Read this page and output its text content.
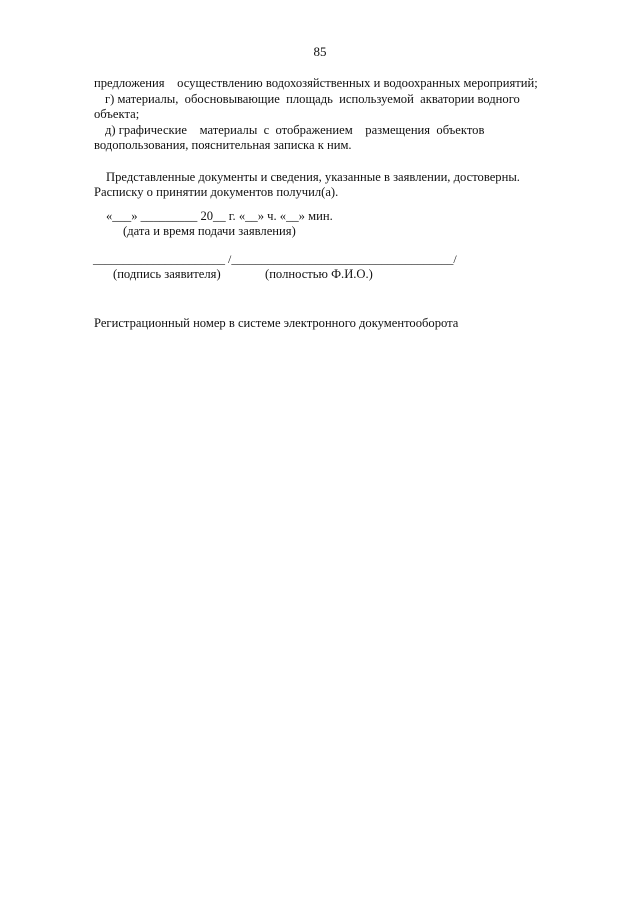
85
предложения    осуществлению водохозяйственных и водоохранных мероприятий;
г) материалы,  обосновывающие  площадь  используемой  акватории водного
объекта;
д) графические    материалы  с  отображением    размещения  объектов
водопользования, пояснительная записка к ним.
Представленные документы и сведения, указанные в заявлении, достоверны.
Расписку о принятии документов получил(а).
«___» _________ 20__ г. «__» ч. «__» мин.
(дата и время подачи заявления)
______________________ /_____________________________________/
(подпись заявителя)	(полностью Ф.И.О.)
Регистрационный номер в системе электронного документооборота
